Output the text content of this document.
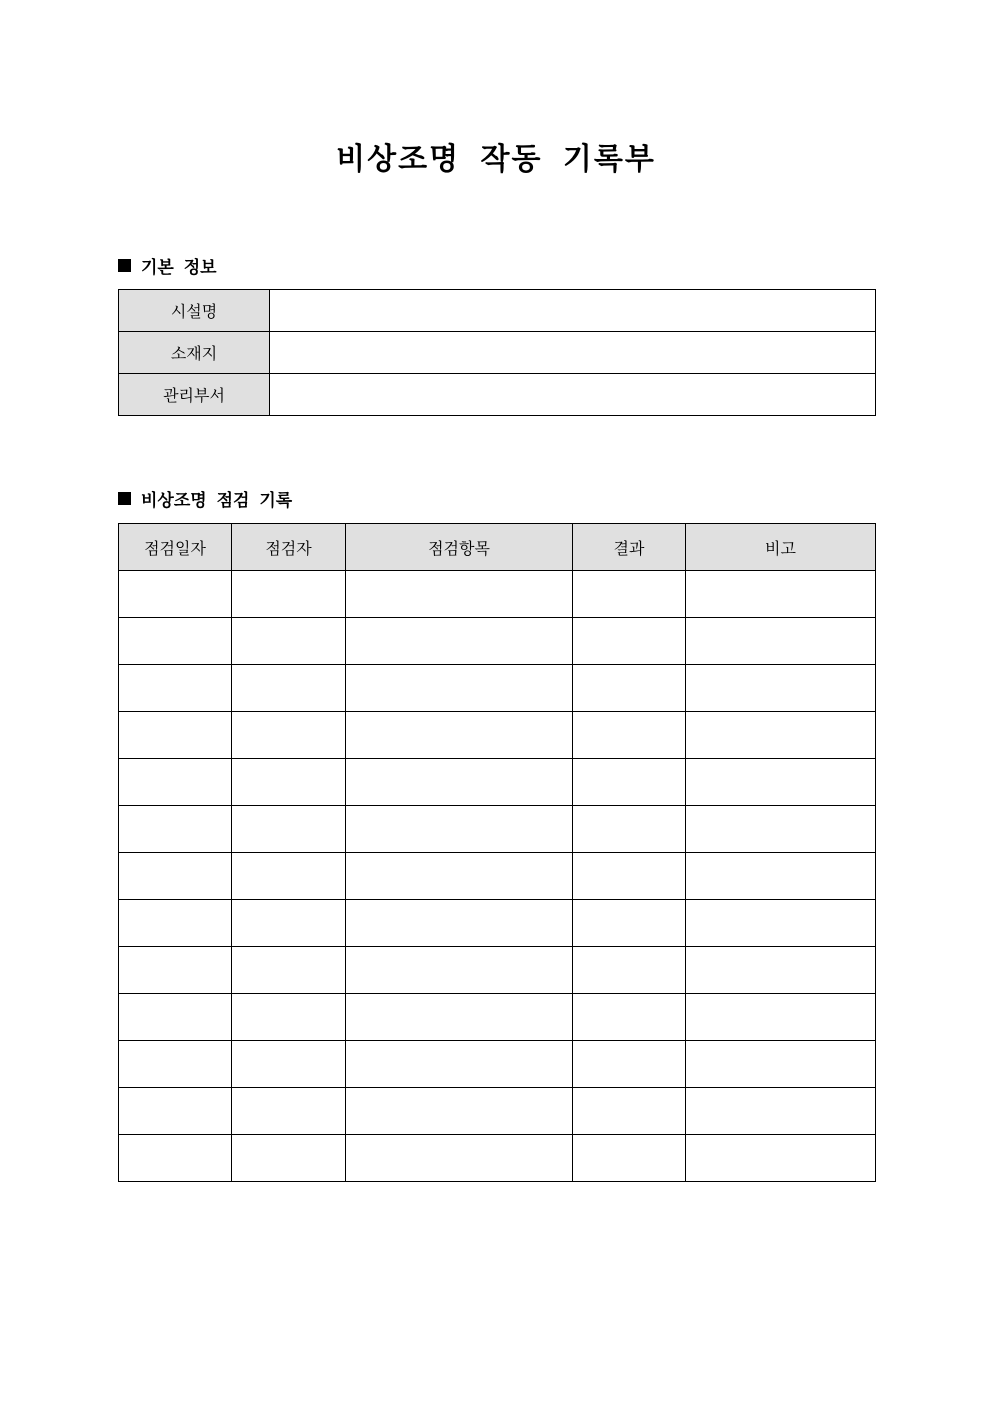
비상조명 작동 기록부
기본 정보
시설명	
소재지	
관리부서	
비상조명 점검 기록
점검일자	점검자	점검항목	결과	비고
